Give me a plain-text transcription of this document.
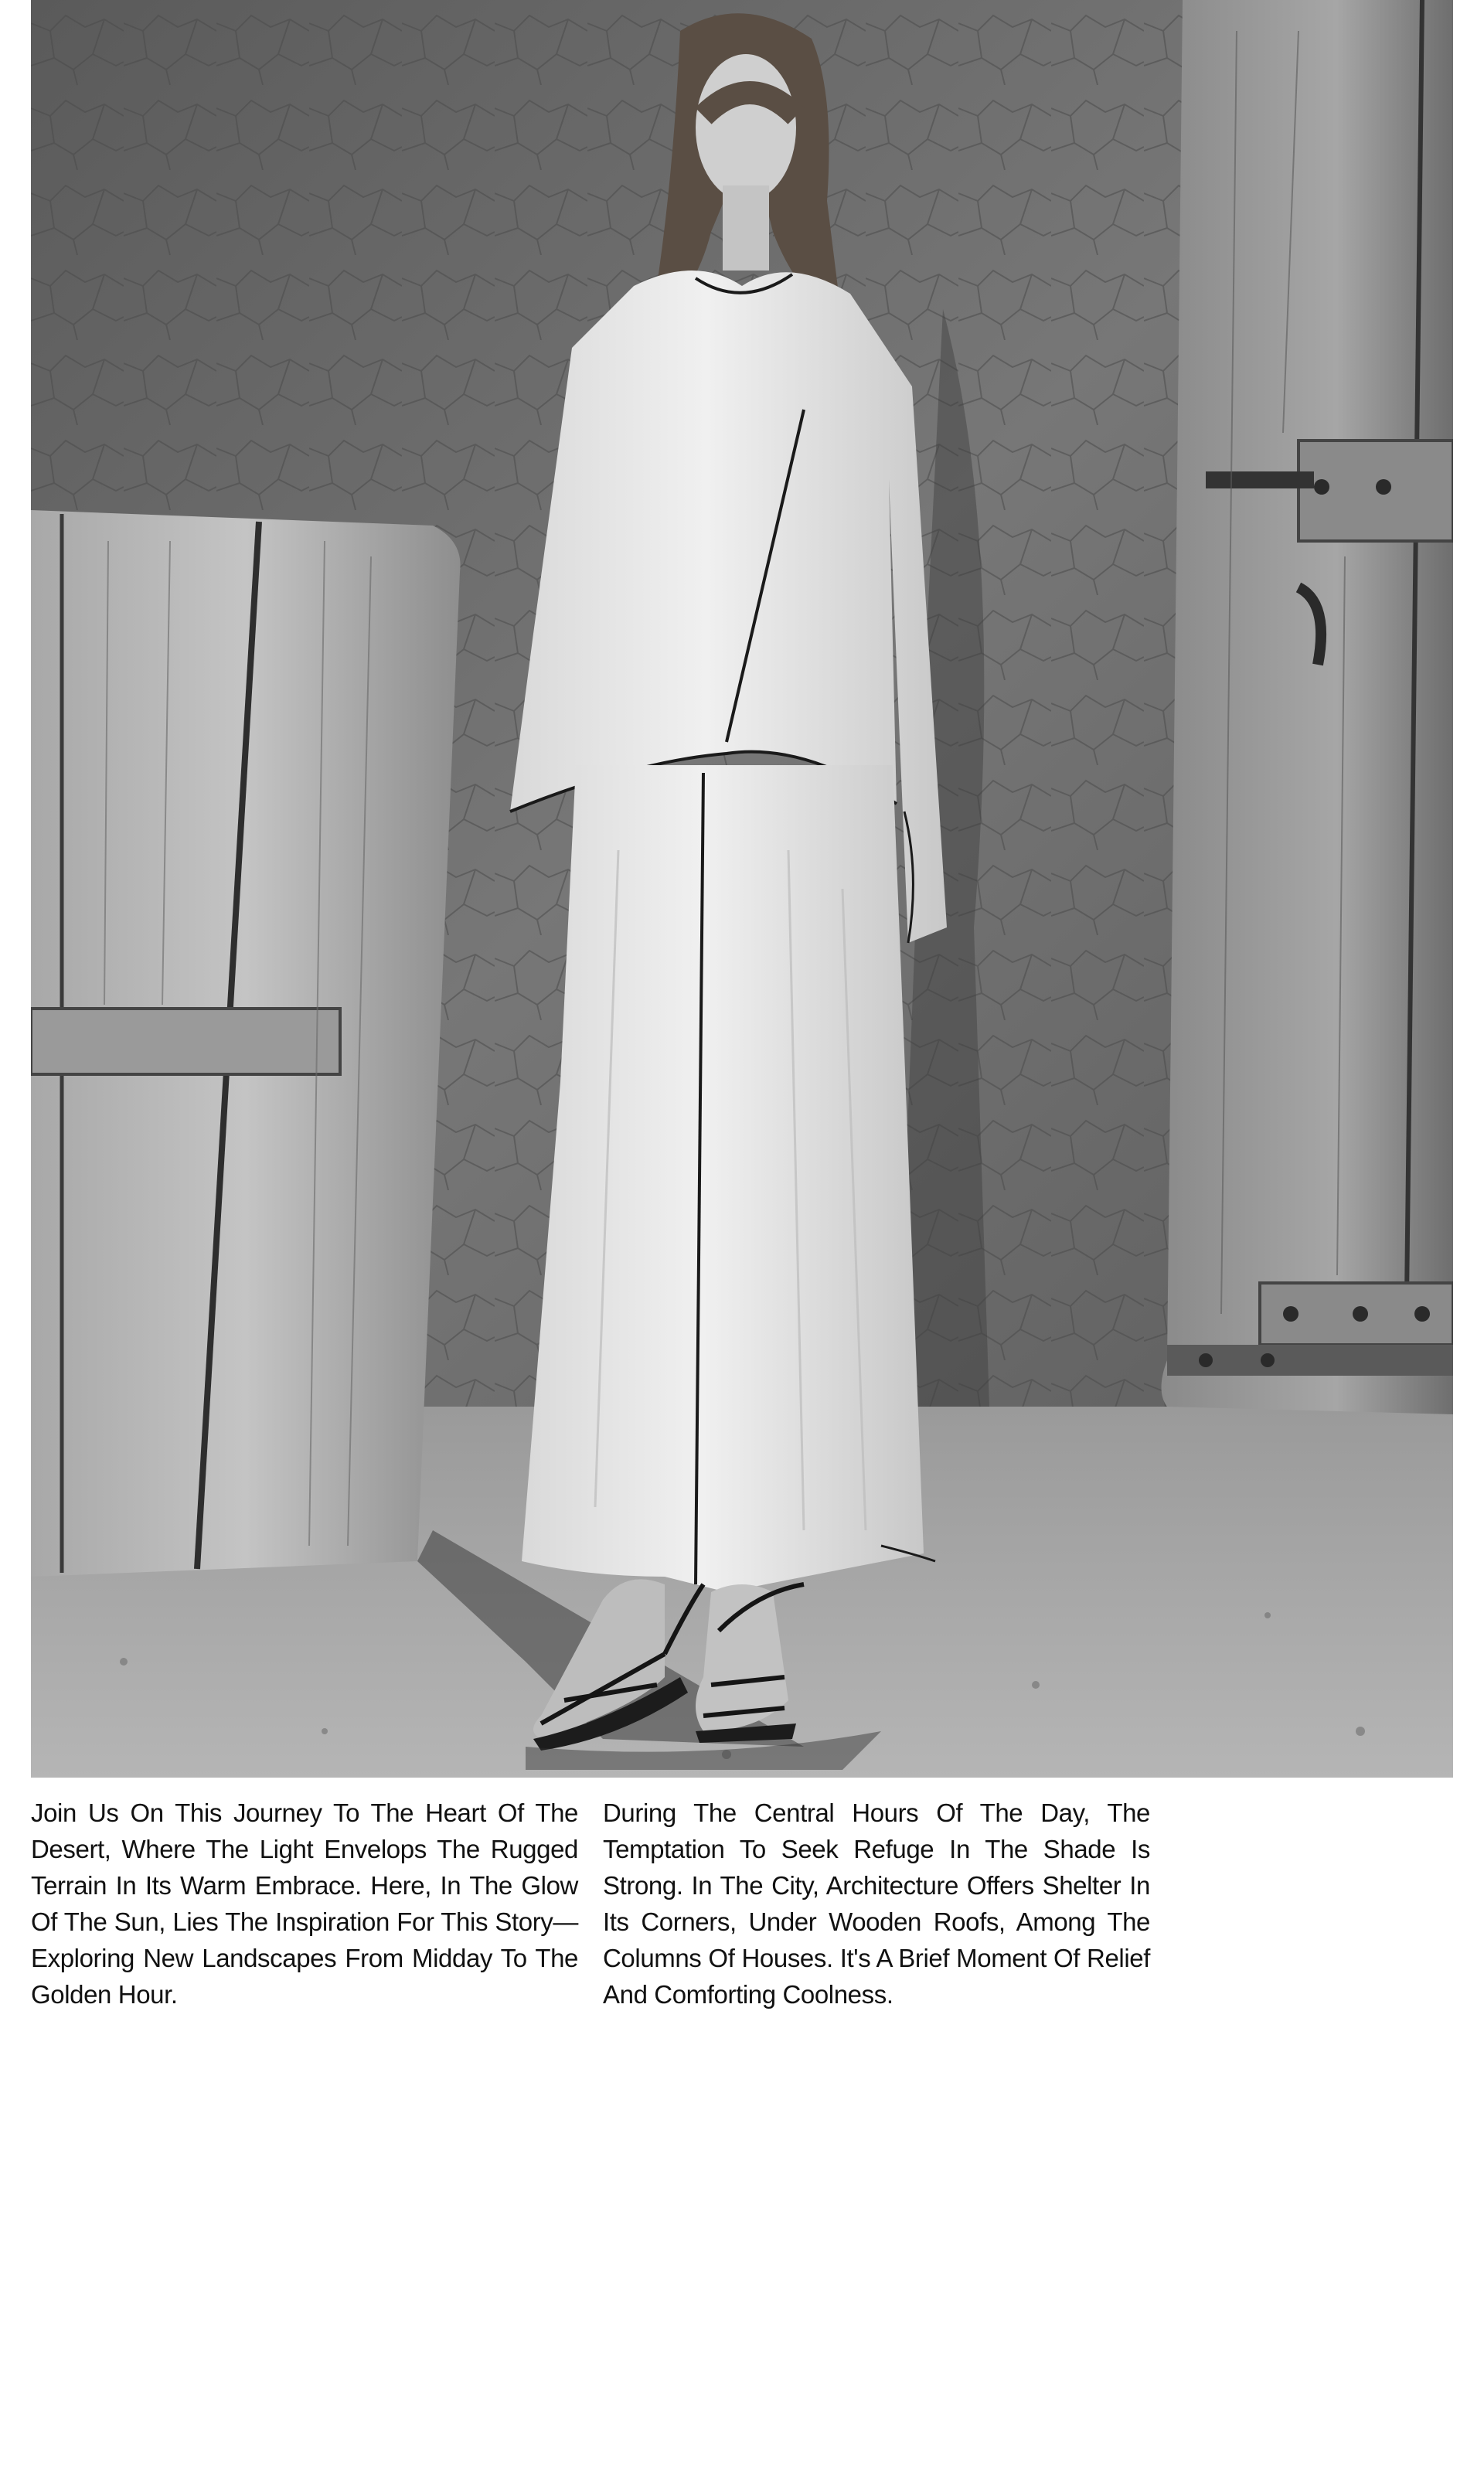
Join Us On This Journey To The Heart Of The Desert, Where The Light Envelops The Rugged Terrain In Its Warm Embrace. Here, In The Glow Of The Sun, Lies The Inspiration For This Story—Exploring New Landscapes From Midday To The Golden Hour.

During The Central Hours Of The Day, The Temptation To Seek Refuge In The Shade Is Strong. In The City, Architecture Offers Shelter In Its Corners, Under Wooden Roofs, Among The Columns Of Houses. It's A Brief Moment Of Relief And Comforting Coolness.
